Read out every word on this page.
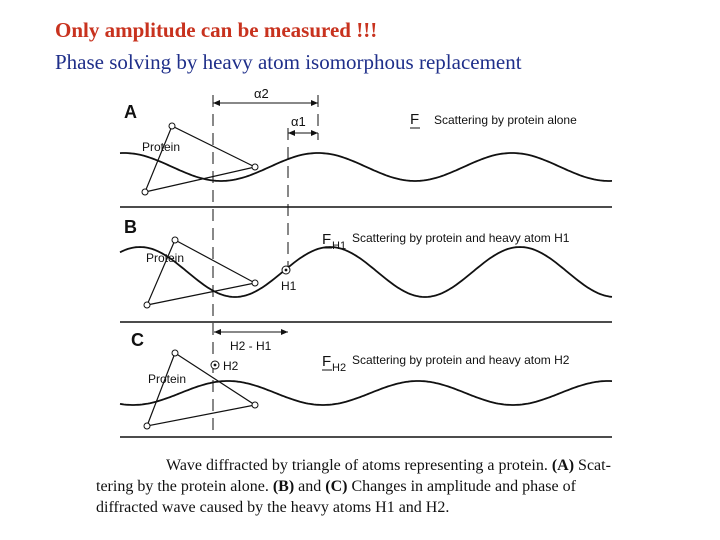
Only amplitude can be measured !!!
Phase solving by heavy atom isomorphous replacement
A
Protein
F Scattering by protein alone
α2
α1
B
Protein
F H1
Scattering by protein and heavy atom H1
H1
C
Protein
H2 - H1
H2	F H2
Scattering by protein and heavy atom H2
Wave diffracted by triangle of atoms representing a protein. (A) Scat-
tering by the protein alone. (B) and (C) Changes in amplitude and phase of
diffracted wave caused by the heavy atoms H1 and H2.
